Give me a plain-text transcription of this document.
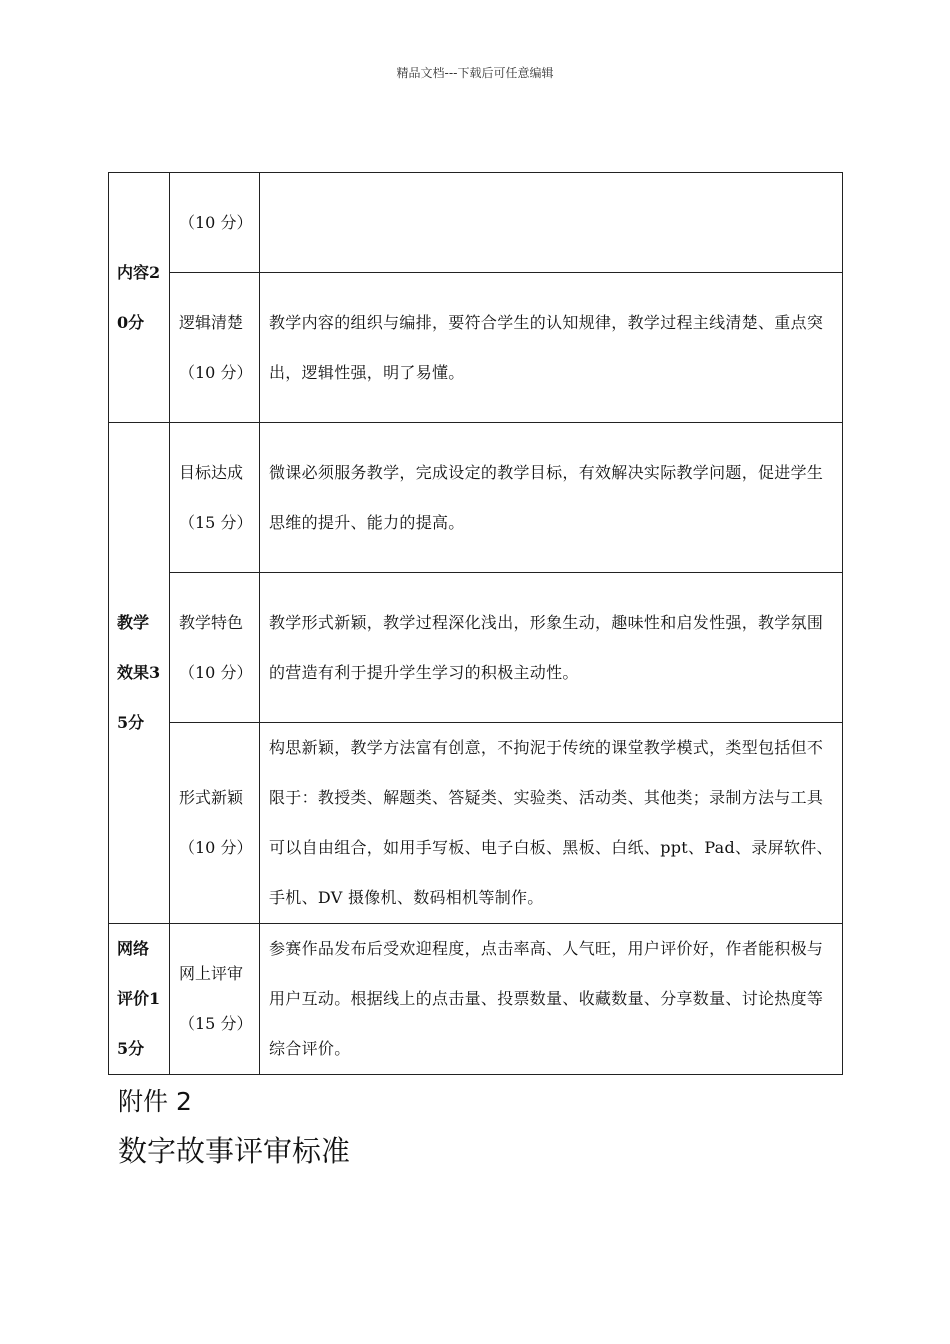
精品文档---下载后可任意编辑
内容20分	（10 分）	
	逻辑清楚（10 分）	教学内容的组织与编排，要符合学生的认知规律，教学过程主线清楚、重点突出，逻辑性强，明了易懂。
教学效果35分	目标达成（15 分）	微课必须服务教学，完成设定的教学目标，有效解决实际教学问题，促进学生思维的提升、能力的提高。
	教学特色（10 分）	教学形式新颖，教学过程深化浅出，形象生动，趣味性和启发性强，教学氛围的营造有利于提升学生学习的积极主动性。
	形式新颖（10 分）	构思新颖，教学方法富有创意，不拘泥于传统的课堂教学模式，类型包括但不限于：教授类、解题类、答疑类、实验类、活动类、其他类；录制方法与工具可以自由组合，如用手写板、电子白板、黑板、白纸、ppt、Pad、录屏软件、手机、DV 摄像机、数码相机等制作。
网络评价15分	网上评审（15 分）	参赛作品发布后受欢迎程度，点击率高、人气旺，用户评价好，作者能积极与用户互动。根据线上的点击量、投票数量、收藏数量、分享数量、讨论热度等综合评价。
附件 2
数字故事评审标准
